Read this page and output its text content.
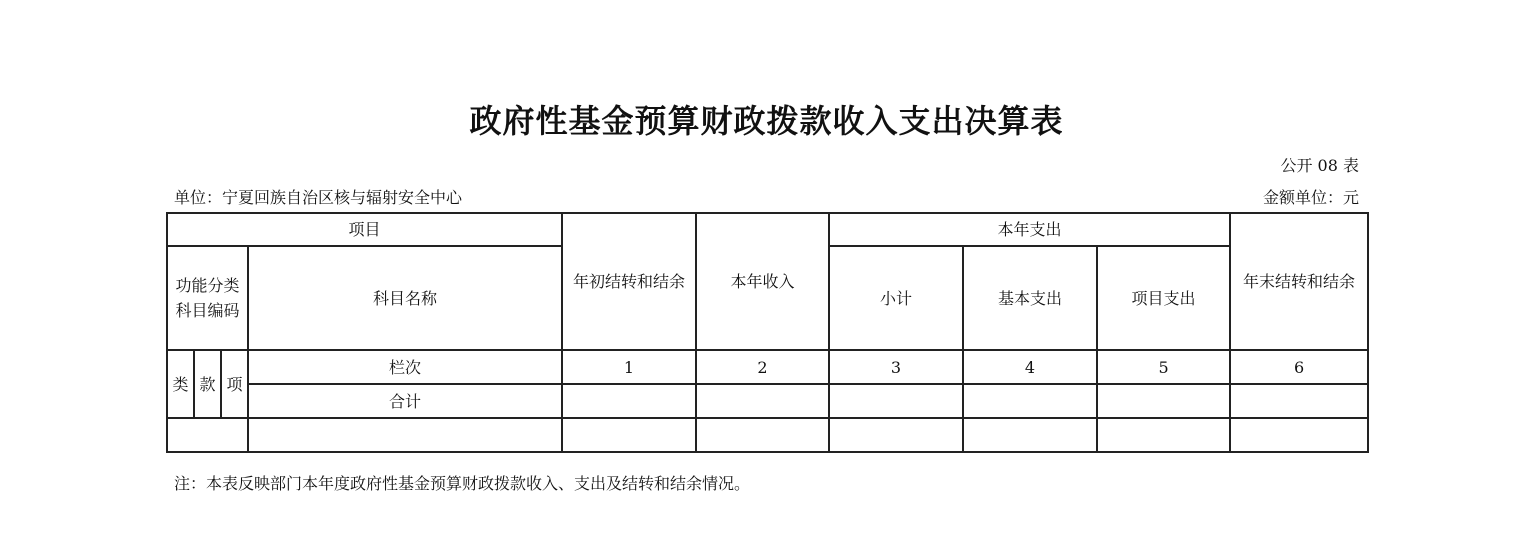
政府性基金预算财政拨款收入支出决算表
公开 08 表
单位：宁夏回族自治区核与辐射安全中心	金额单位：元
项目				年初结转和结余	本年收入	本年支出			年末结转和结余
功能分类科目编码			科目名称			小计	基本支出	项目支出	
类	款	项	栏次	1	2	3	4	5	6
			合计						

注：本表反映部门本年度政府性基金预算财政拨款收入、支出及结转和结余情况。
